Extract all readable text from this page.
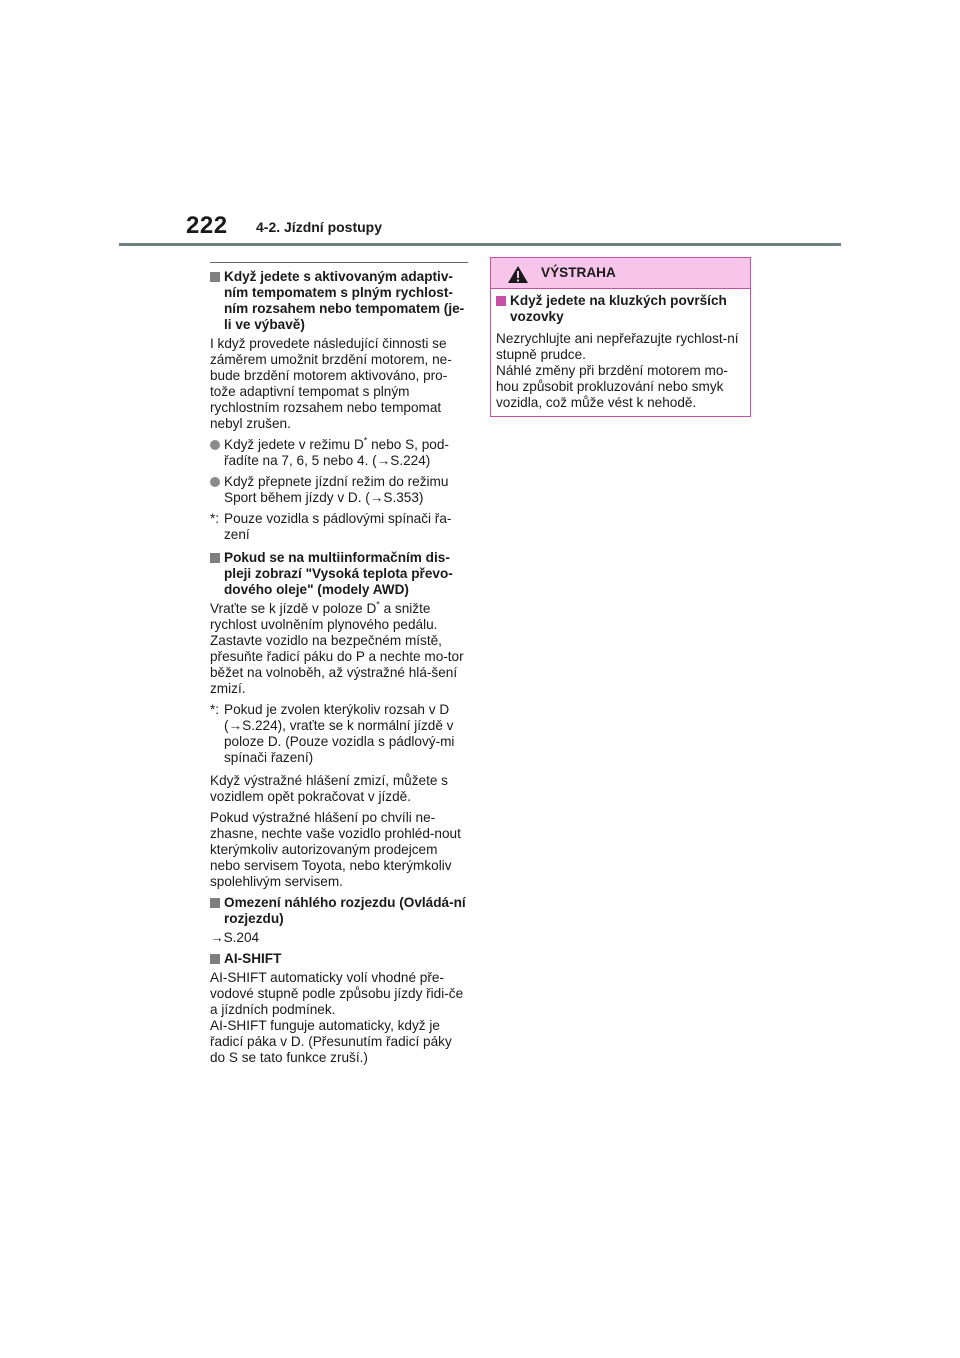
222 4-2. Jízdní postupy
Když jedete s aktivovaným adaptiv-ním tempomatem s plným rychlost-ním rozsahem nebo tempomatem (je-li ve výbavě)
I když provedete následující činnosti se záměrem umožnit brzdění motorem, ne-bude brzdění motorem aktivováno, pro-tože adaptivní tempomat s plným rychlostním rozsahem nebo tempomat nebyl zrušen.
Když jedete v režimu D* nebo S, pod-řadíte na 7, 6, 5 nebo 4. (→S.224)
Když přepnete jízdní režim do režimu Sport během jízdy v D. (→S.353)
*: Pouze vozidla s pádlovými spínači řa-zení
Pokud se na multiinformačním dis-pleji zobrazí "Vysoká teplota převo-dového oleje" (modely AWD)
Vraťte se k jízdě v poloze D* a snižte rychlost uvolněním plynového pedálu. Zastavte vozidlo na bezpečném místě, přesuňte řadicí páku do P a nechte mo-tor běžet na volnoběh, až výstražné hlá-šení zmizí.
*: Pokud je zvolen kterýkoliv rozsah v D (→S.224), vraťte se k normální jízdě v poloze D. (Pouze vozidla s pádlový-mi spínači řazení)
Když výstražné hlášení zmizí, můžete s vozidlem opět pokračovat v jízdě.
Pokud výstražné hlášení po chvíli ne-zhasne, nechte vaše vozidlo prohléd-nout kterýmkoliv autorizovaným prodejcem nebo servisem Toyota, nebo kterýmkoliv spolehlivým servisem.
Omezení náhlého rozjezdu (Ovládá-ní rozjezdu)
→S.204
AI-SHIFT
AI-SHIFT automaticky volí vhodné pře-vodové stupně podle způsobu jízdy řidi-če a jízdních podmínek.
AI-SHIFT funguje automaticky, když je řadicí páka v D. (Přesunutím řadicí páky do S se tato funkce zruší.)
VÝSTRAHA
Když jedete na kluzkých površích vozovky
Nezrychlujte ani nepřeřazujte rychlost-ní stupně prudce.
Náhlé změny při brzdění motorem mo-hou způsobit prokluzování nebo smyk vozidla, což může vést k nehodě.
